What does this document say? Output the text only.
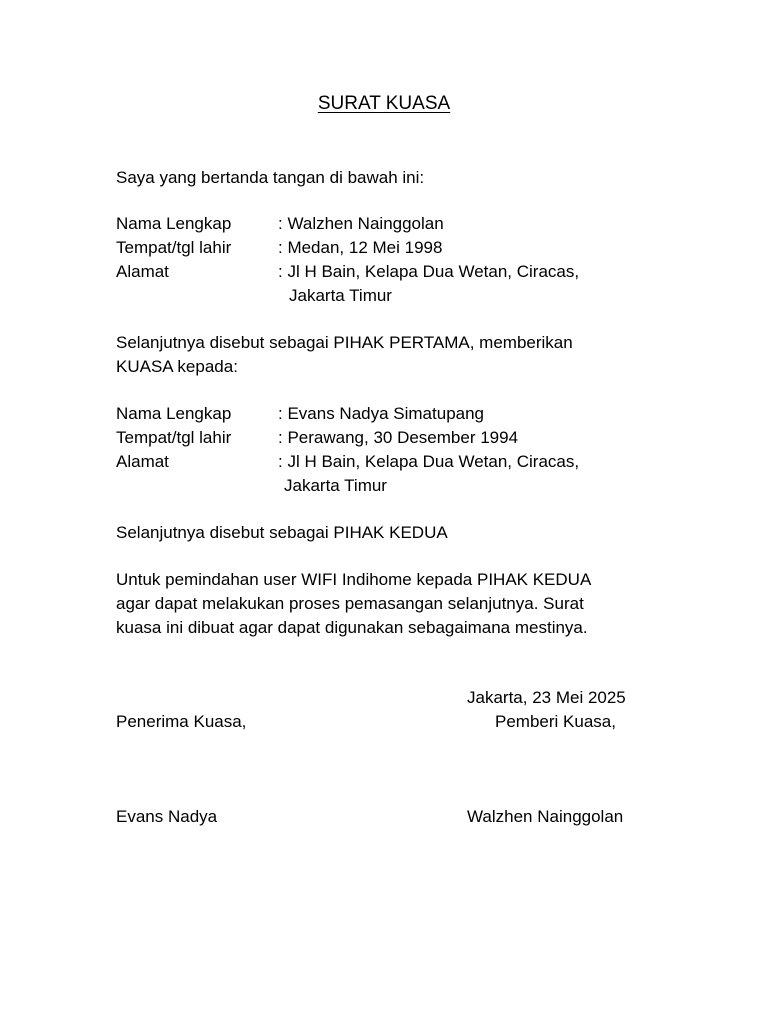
SURAT KUASA
Saya yang bertanda tangan di bawah ini:
Nama Lengkap	: Walzhen Nainggolan
Tempat/tgl lahir	: Medan, 12 Mei 1998
Alamat	: Jl H Bain, Kelapa Dua Wetan, Ciracas,
Jakarta Timur
Selanjutnya disebut sebagai PIHAK PERTAMA, memberikan
KUASA kepada:
Nama Lengkap	: Evans Nadya Simatupang
Tempat/tgl lahir	: Perawang, 30 Desember 1994
Alamat	: Jl H Bain, Kelapa Dua Wetan, Ciracas,
Jakarta Timur
Selanjutnya disebut sebagai PIHAK KEDUA
Untuk pemindahan user WIFI Indihome kepada PIHAK KEDUA
agar dapat melakukan proses pemasangan selanjutnya. Surat
kuasa ini dibuat agar dapat digunakan sebagaimana mestinya.
Jakarta, 23 Mei 2025
Penerima Kuasa,	Pemberi Kuasa,
Evans Nadya	Walzhen Nainggolan
